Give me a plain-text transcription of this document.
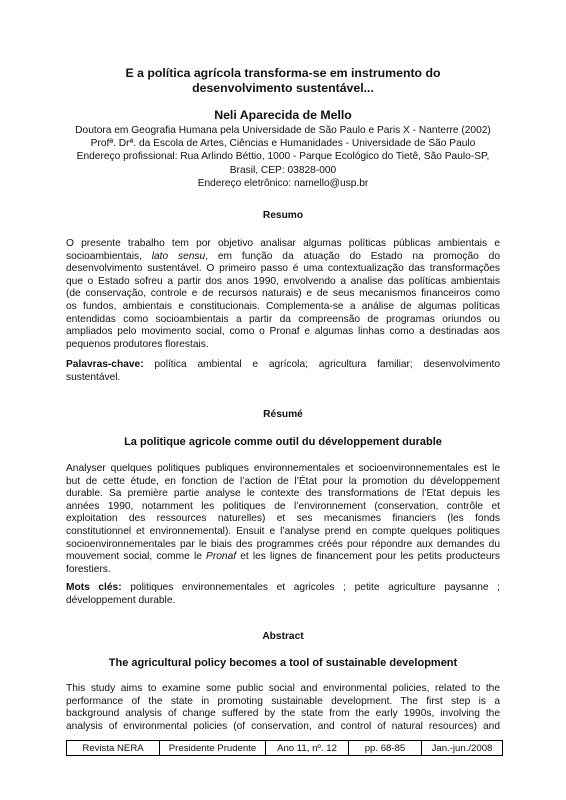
E a política agrícola transforma-se em instrumento do
desenvolvimento sustentável...
Neli Aparecida de Mello
Doutora em Geografia Humana pela Universidade de São Paulo e Paris X - Nanterre (2002)
Profª. Drª. da Escola de Artes, Ciências e Humanidades - Universidade de São Paulo
Endereço profissional: Rua Arlindo Béttio, 1000 - Parque Ecológico do Tietê, São Paulo-SP,
Brasil, CEP: 03828-000
Endereço eletrônico: namello@usp.br
Resumo
O presente trabalho tem por objetivo analisar algumas políticas públicas ambientais e
socioambientais, lato sensu, em função da atuação do Estado na promoção do
desenvolvimento sustentável. O primeiro passo é uma contextualização das transformações
que o Estado sofreu a partir dos anos 1990, envolvendo a analise das políticas ambientais
(de conservação, controle e de recursos naturais) e de seus mecanismos financeiros como
os fundos, ambientais e constitucionais. Complementa-se a análise de algumas políticas
entendidas como socioambientais a partir da compreensão de programas oriundos ou
ampliados pelo movimento social, como o Pronaf e algumas linhas como a destinadas aos
pequenos produtores florestais.
Palavras-chave: política ambiental e agrícola; agricultura familiar; desenvolvimento
sustentável.
Résumé
La politique agricole comme outil du développement durable
Analyser quelques politiques publiques environnementales et socioenvironnementales est le
but de cette étude, en fonction de l’action de l’État pour la promotion du développement
durable. Sa première partie analyse le contexte des transformations de l’Etat depuis les
années 1990, notamment les politiques de l’environnement (conservation, contrôle et
exploitation des ressources naturelles) et ses mecanismes financiers (les fonds
constitutionnel et environnemental). Ensuit e l’analyse prend en compte quelques politiques
socioenvironnementales par le biais des programmes créés pour répondre aux demandes du
mouvement social, comme le Pronaf et les lignes de financement pour les petits producteurs
forestiers.
Mots clés: politiques environnementales et agricoles ; petite agriculture paysanne ;
développement durable.
Abstract
The agricultural policy becomes a tool of sustainable development
This study aims to examine some public social and environmental policies, related to the
performance of the state in promoting sustainable development. The first step is a
background analysis of change suffered by the state from the early 1990s, involving the
analysis of environmental policies (of conservation, and control of natural resources) and
Revista NERA	Presidente Prudente	Ano 11, nº. 12	pp. 68-85	Jan.-jun./2008
